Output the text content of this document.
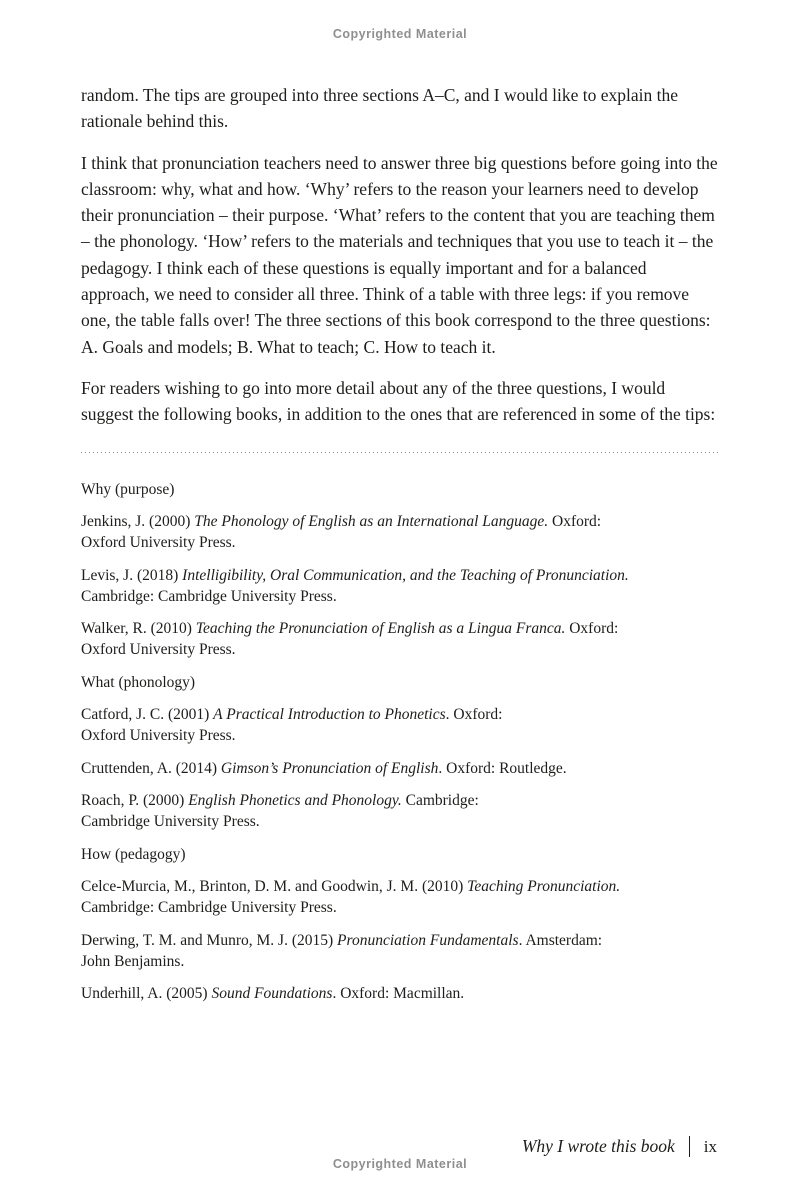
Copyrighted Material

random. The tips are grouped into three sections A–C, and I would like to explain the rationale behind this.

I think that pronunciation teachers need to answer three big questions before going into the classroom: why, what and how. ‘Why’ refers to the reason your learners need to develop their pronunciation – their purpose. ‘What’ refers to the content that you are teaching them – the phonology. ‘How’ refers to the materials and techniques that you use to teach it – the pedagogy. I think each of these questions is equally important and for a balanced approach, we need to consider all three. Think of a table with three legs: if you remove one, the table falls over! The three sections of this book correspond to the three questions: A. Goals and models; B. What to teach; C. How to teach it.

For readers wishing to go into more detail about any of the three questions, I would suggest the following books, in addition to the ones that are referenced in some of the tips:

Why (purpose)

Jenkins, J. (2000) The Phonology of English as an International Language. Oxford:
Oxford University Press.

Levis, J. (2018) Intelligibility, Oral Communication, and the Teaching of Pronunciation.
Cambridge: Cambridge University Press.

Walker, R. (2010) Teaching the Pronunciation of English as a Lingua Franca. Oxford:
Oxford University Press.

What (phonology)

Catford, J. C. (2001) A Practical Introduction to Phonetics. Oxford:
Oxford University Press.

Cruttenden, A. (2014) Gimson’s Pronunciation of English. Oxford: Routledge.

Roach, P. (2000) English Phonetics and Phonology. Cambridge:
Cambridge University Press.

How (pedagogy)

Celce-Murcia, M., Brinton, D. M. and Goodwin, J. M. (2010) Teaching Pronunciation.
Cambridge: Cambridge University Press.

Derwing, T. M. and Munro, M. J. (2015) Pronunciation Fundamentals. Amsterdam:
John Benjamins.

Underhill, A. (2005) Sound Foundations. Oxford: Macmillan.

Why I wrote this book ix
Copyrighted Material
